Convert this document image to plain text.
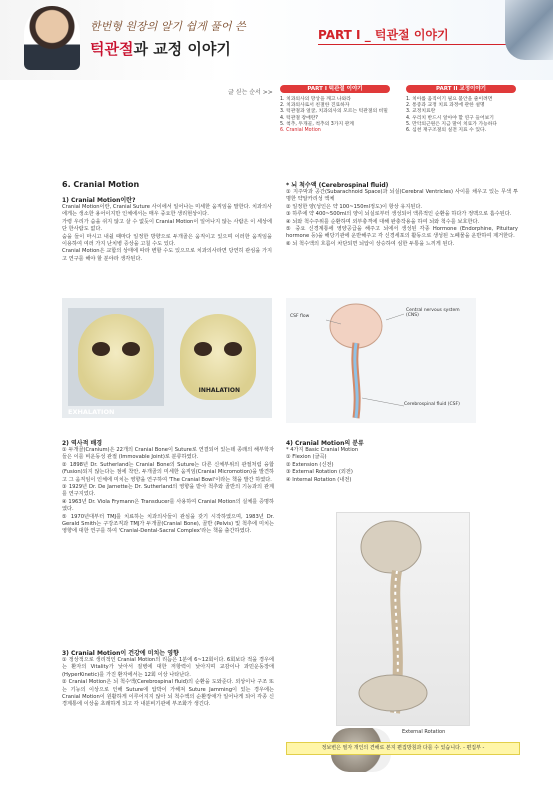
한번형 원장의 알기 쉽게 풀어 쓴
턱관절과 교정 이야기
PART I _ 턱관절 이야기
글 싣는 순서 >>	PART I 턱관절 이야기	PART II 교정이야기
1. 치과의사의 망상을 깨고 나와라
2. 치과의사로서 친절한 진료하자
3. 턱관절과 얼굴, 치과의사의 모르는 턱관절의 비밀
4. 턱관절 장애란?
5. 척추, 두개골, 척추의 3가지 관계
6. Cranial Motion
1. 치아를 움직이기 필요 불안을 줄이려면
2. 통증과 교정 치료 과정에 관한 설명
3. 교정치료란
4. 우리치 반드시 알아야 할 연구 들어보기
5. 만악의근원은 지금 말이 치료가 가능하다
6. 심천 재구조절의 실전 지표 수 있다.
6. Cranial Motion
1) Cranial Motion이란?
Cranial Motion이란, Cranial Suture 사이에서 일어나는 미세한 움직임을 말한다. 치과의사에게는 생소한 용어이지만 인체에서는 매우 중요한 생리현상이다.
가령 우리가 숨을 쉬지 않고 살 수 없듯이 Cranial Motion이 일어나지 않는 사람은 이 세상에 단 한사람도 없다.
숨을 들이 마시고 내쉴 때마다 일정한 방향으로 두개골은 움직이고 있으며 이러한 움직임을 이용하여 여러 가지 난치병 증상을 고칠 수도 있다.
Cranial Motion은 교합의 상태에 따라 변할 수도 있으므로 치과의사라면 당연히 관심을 가지고 연구를 해야 할 분야라 생각된다.
EXHALATION
INHALATION
2) 역사적 배경
① 두개골(Cranium)은 22개의 Cranial Bone이 Suture로 연결되어 있는데 종래의 해부학자들은 이를 비운동성 관절 (Immovable Joint)로 분류하였다.
② 1898년 Dr. Sutherland는 Cranial Bone의 Suture는 다른 신체부위의 관절처럼 융합(Fusion)되지 않는다는 점에 착안, 두개골의 미세한 움직임(Cranial Micromotion)을 발견하고 그 움직임이 인체에 미치는 영향을 연구하여 'The Cranial Bowl'이라는 책을 발간 하였다.
③ 1929년 Dr. De Jarnette는 Dr. Sutherland의 영향을 받아 척추와 골반의 기능과의 관계를 연구지었다.
④ 1963년 Dr. Viola Frymann은 Transducer를 사용하여 Cranial Motion의 실체를 증명하였다.
⑤ 1970년대부터 TMJ를 치료하는 치과의사들이 관심을 갖기 시작하였으며, 1983년 Dr. Gerald Smith는 구강조직과 TMJ가 두개골(Cranial Bone), 골반 (Pelvis) 및 척추에 미치는 영향에 대한 연구를 하여 'Cranial-Dental-Sacral Complex'라는 책을 출간하였다.
3) Cranial Motion이 건강에 미치는 영향
① 정상적으로 생리적인 Cranial Motion의 리듬은 1분에 6~12회이다. 6회보다 적을 경우에는 환자의 Vitality가 낮아서 질병에 대한 저항력이 낮아지며 교감이나 과민운동장애(HyperKinetic)를 가진 환자에서는 12회 이상 나타난다.
② Cranial Motion은 뇌 척수액(Cerebrospinal fluid)의 순환을 도와준다. 외상이나 구조 또는 기능의 이상으로 인해 Suture에 압박이 가해져 Suture Jamming이 있는 경우에는 Cranial Motion이 원활하게 이루어지지 않아 뇌 척수액의 순환장애가 일어나게 되어 각종 신경계통에 이상을 초래하게 되고 각 내분비기관에 부조화가 생긴다.
* 뇌 척수액 (Cerebrospinal fluid)
① 지주막과 공간(Subarachnoid Space)과 뇌실(Cerebral Ventricles) 사이를 채우고 있는 무색 투명한 약알카리성 액체
② 일정한 양(성인은 약 100~150ml정도)이 항상 유지된다.
③ 하루에 약 400~500ml의 양이 뇌실로부터 생성되어 액류적인 순환을 하다가 정맥으로 흡수된다.
④ 뇌와 척수주위를 순환하며 외부충격에 대해 완충작용을 하여 뇌와 척수를 보호한다.
⑤ 중요 신경계통에 영양공급을 해주고 뇌에서 생성된 각종 Hormone (Endorphine, Pituitary hormone 등)을 해당기관에 운반해주고 각 신경세포의 활동으로 생성된 노폐물을 운반하여 제거한다.
⑥ 뇌 척수액의 흐름이 차단되면 뇌압이 상승하여 심한 두통을 느끼게 된다.
CSF flow
Central nervous system (CNS)
Cerebrospinal fluid (CSF)
4) Cranial Motion의 분류
* 4가지 Basic Cranial Motion
① Flexion (굴곡)
② Extension (신전)
③ External Rotation (외전)
④ Internal Rotation (내전)
External Rotation
정보변은 필자 개인의 견해로 본지 편집방침과 다를 수 있습니다. - 편집부 -
